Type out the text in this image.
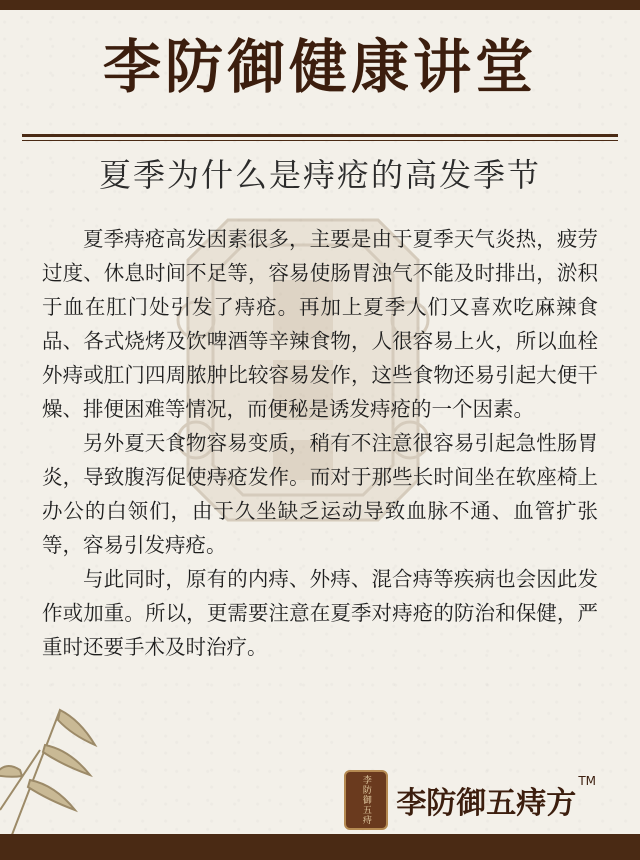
李防御健康讲堂
夏季为什么是痔疮的高发季节

夏季痔疮高发因素很多，主要是由于夏季天气炎热，疲劳过度、休息时间不足等，容易使肠胃浊气不能及时排出，淤积于血在肛门处引发了痔疮。再加上夏季人们又喜欢吃麻辣食品、各式烧烤及饮啤酒等辛辣食物，人很容易上火，所以血栓外痔或肛门四周脓肿比较容易发作，这些食物还易引起大便干燥、排便困难等情况，而便秘是诱发痔疮的一个因素。

另外夏天食物容易变质，稍有不注意很容易引起急性肠胃炎，导致腹泻促使痔疮发作。而对于那些长时间坐在软座椅上办公的白领们，由于久坐缺乏运动导致血脉不通、血管扩张等，容易引发痔疮。

与此同时，原有的内痔、外痔、混合痔等疾病也会因此发作或加重。所以，更需要注意在夏季对痔疮的防治和保健，严重时还要手术及时治疗。

李防御五痔 李防御五痔方
TM
